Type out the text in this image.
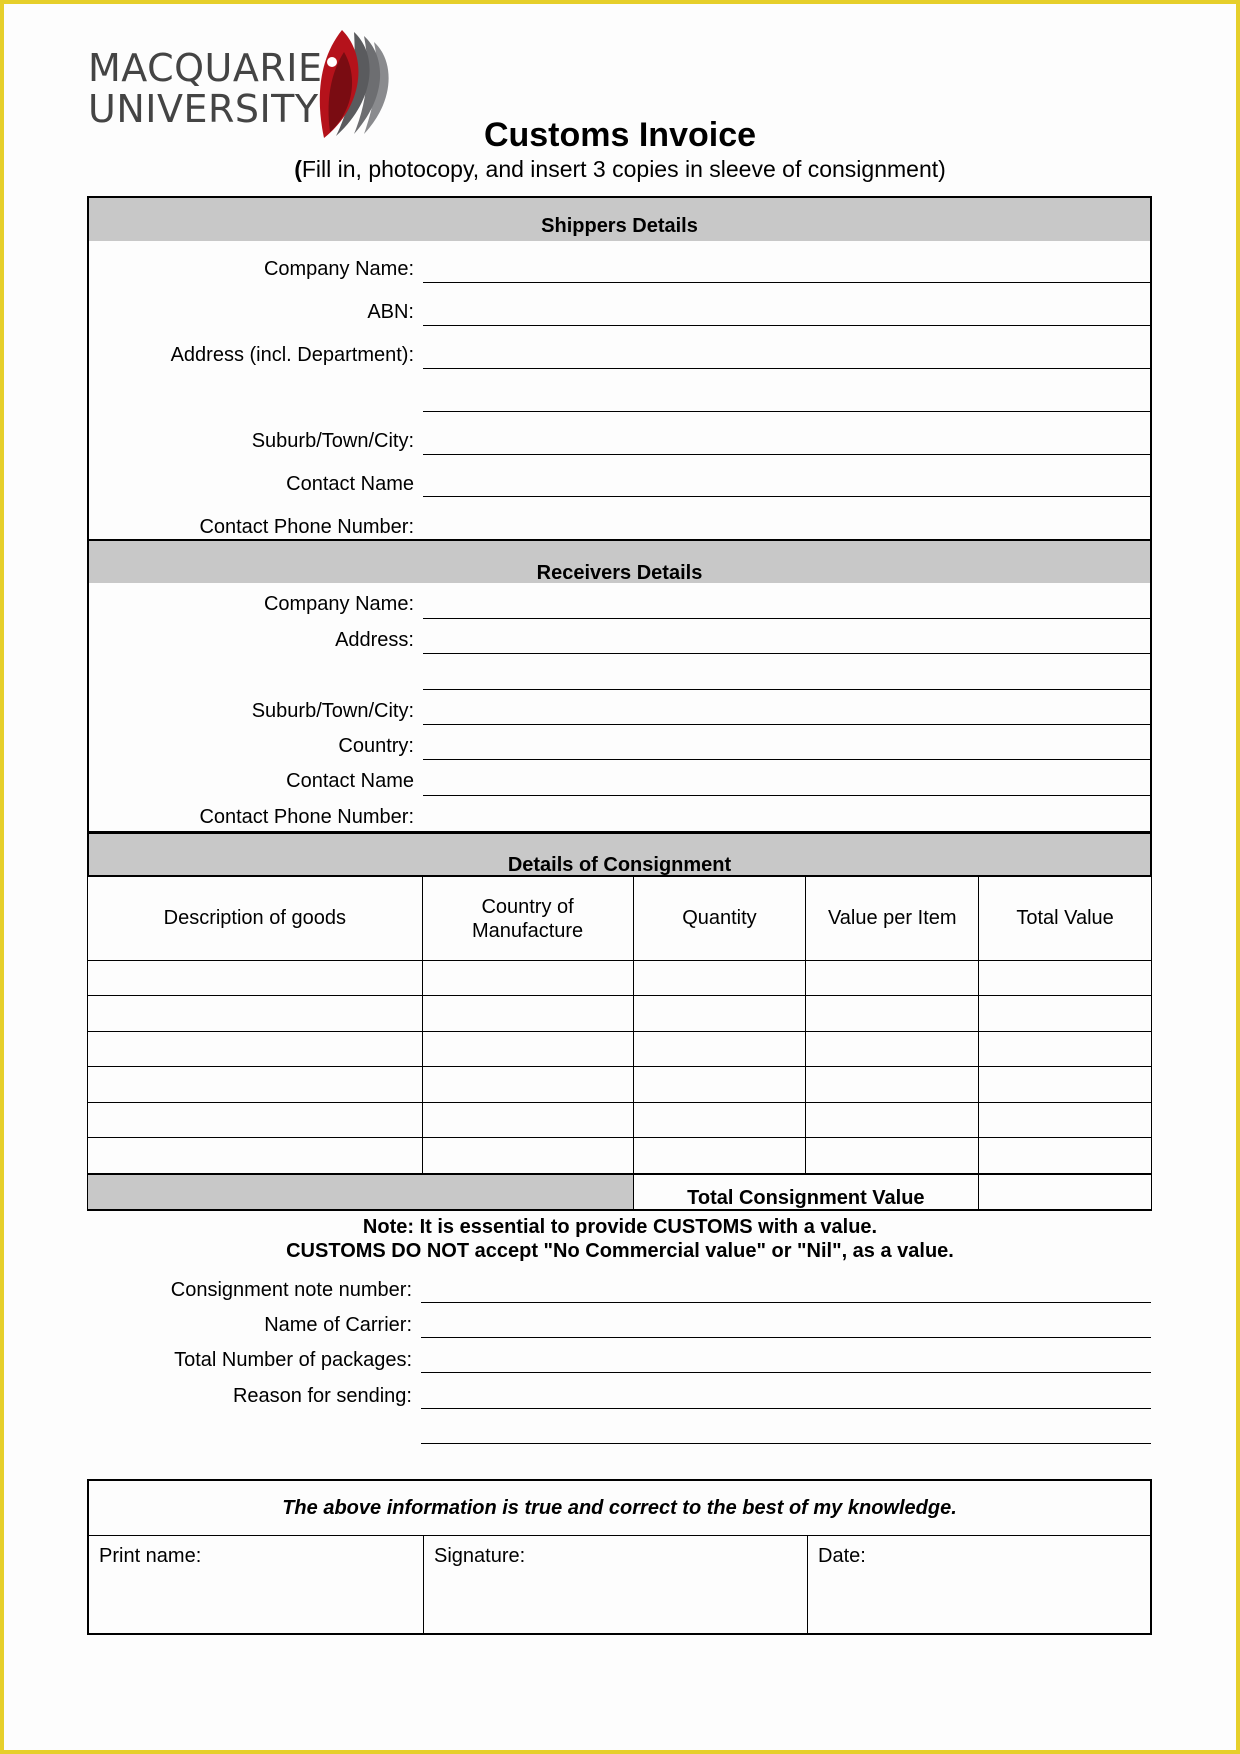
MACQUARIE
UNIVERSITY
Customs Invoice
(Fill in, photocopy, and insert 3 copies in sleeve of consignment)
Shippers Details
Company Name:
ABN:
Address (incl. Department):
Suburb/Town/City:
Contact Name
Contact Phone Number:
Receivers Details
Company Name:
Address:
Suburb/Town/City:
Country:
Contact Name
Contact Phone Number:
Details of Consignment
Description of goods	Country of Manufacture	Quantity	Value per Item	Total Value

		Total Consignment Value		
Note: It is essential to provide CUSTOMS with a value.
CUSTOMS DO NOT accept "No Commercial value" or "Nil", as a value.
Consignment note number:
Name of Carrier:
Total Number of packages:
Reason for sending:
The above information is true and correct to the best of my knowledge.
Print name:	Signature:	Date:
